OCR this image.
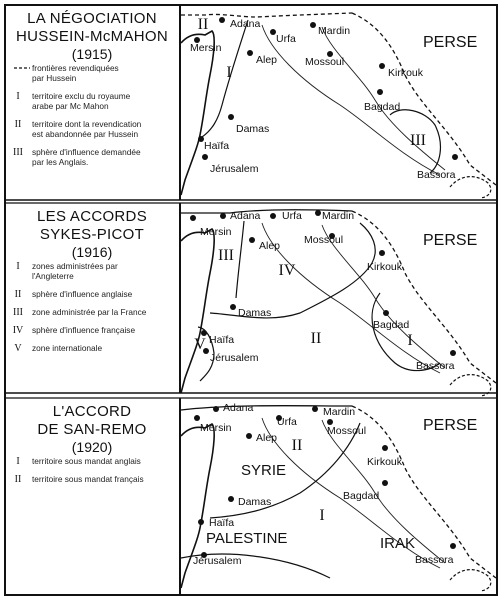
LA NÉGOCIATION
HUSSEIN-McMAHON
(1915)
frontières revendiquées
par Hussein
I territoire exclu du royaume
arabe par Mc Mahon
II territoire dont la revendication
est abandonnée par Hussein
III sphère d'influence demandée
par les Anglais.
Adana
Mersin
Urfa
Mardin
Alep	Mossoul
Kirkouk
Damas
Haïfa
Jérusalem
Bagdad
Bassora
PERSE
II
I
III
LES ACCORDS
SYKES-PICOT
(1916)
I zones administrées par
l'Angleterre
II sphère d'influence anglaise
III zone administrée par la France
IV sphère d'influence française
V zone internationale
Adana Urfa Mardin
Mersin
Alep Mossoul
Kirkouk
Damas
Bagdad
Haïfa
Jérusalem
Bassora
PERSE
III
IV
II	I
V
L'ACCORD
DE SAN-REMO
(1920)
I territoire sous mandat anglais
II territoire sous mandat français
Adana	Mardin
Mersin	Urfa
Alep
Mossoul
Kirkouk
Damas	Bagdad
Haïfa
Jérusalem	Bassora
PERSE
SYRIE
PALESTINE	IRAK
II
I
